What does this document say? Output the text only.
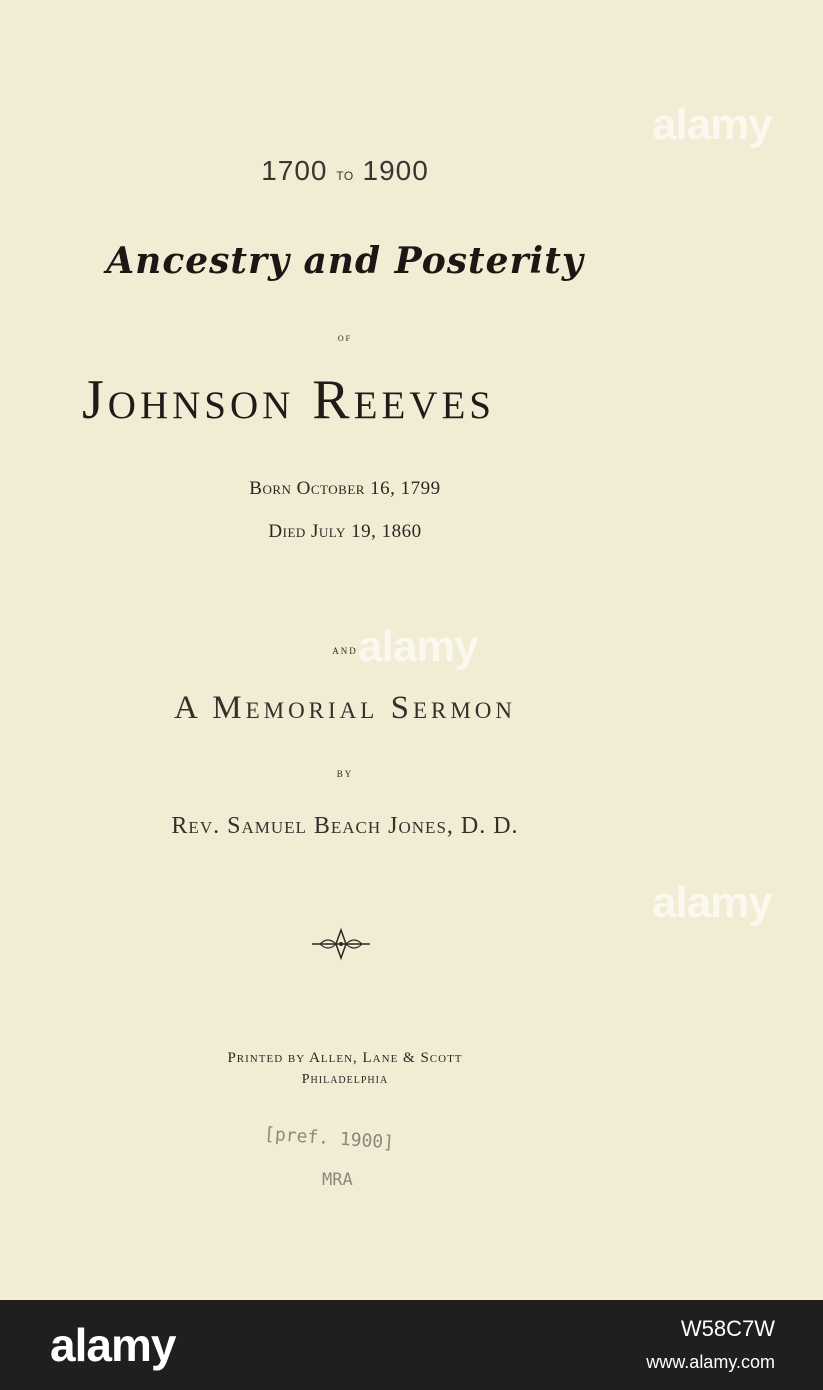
1700 to 1900
Ancestry and Posterity
of
Johnson Reeves
Born October 16, 1799
Died July 19, 1860
and
A Memorial Sermon
by
Rev. Samuel Beach Jones, D. D.
Printed by Allen, Lane & Scott
Philadelphia
[pref. 1900]
MRA
alamy
alamy
alamy
alamy	W58C7W
www.alamy.com
